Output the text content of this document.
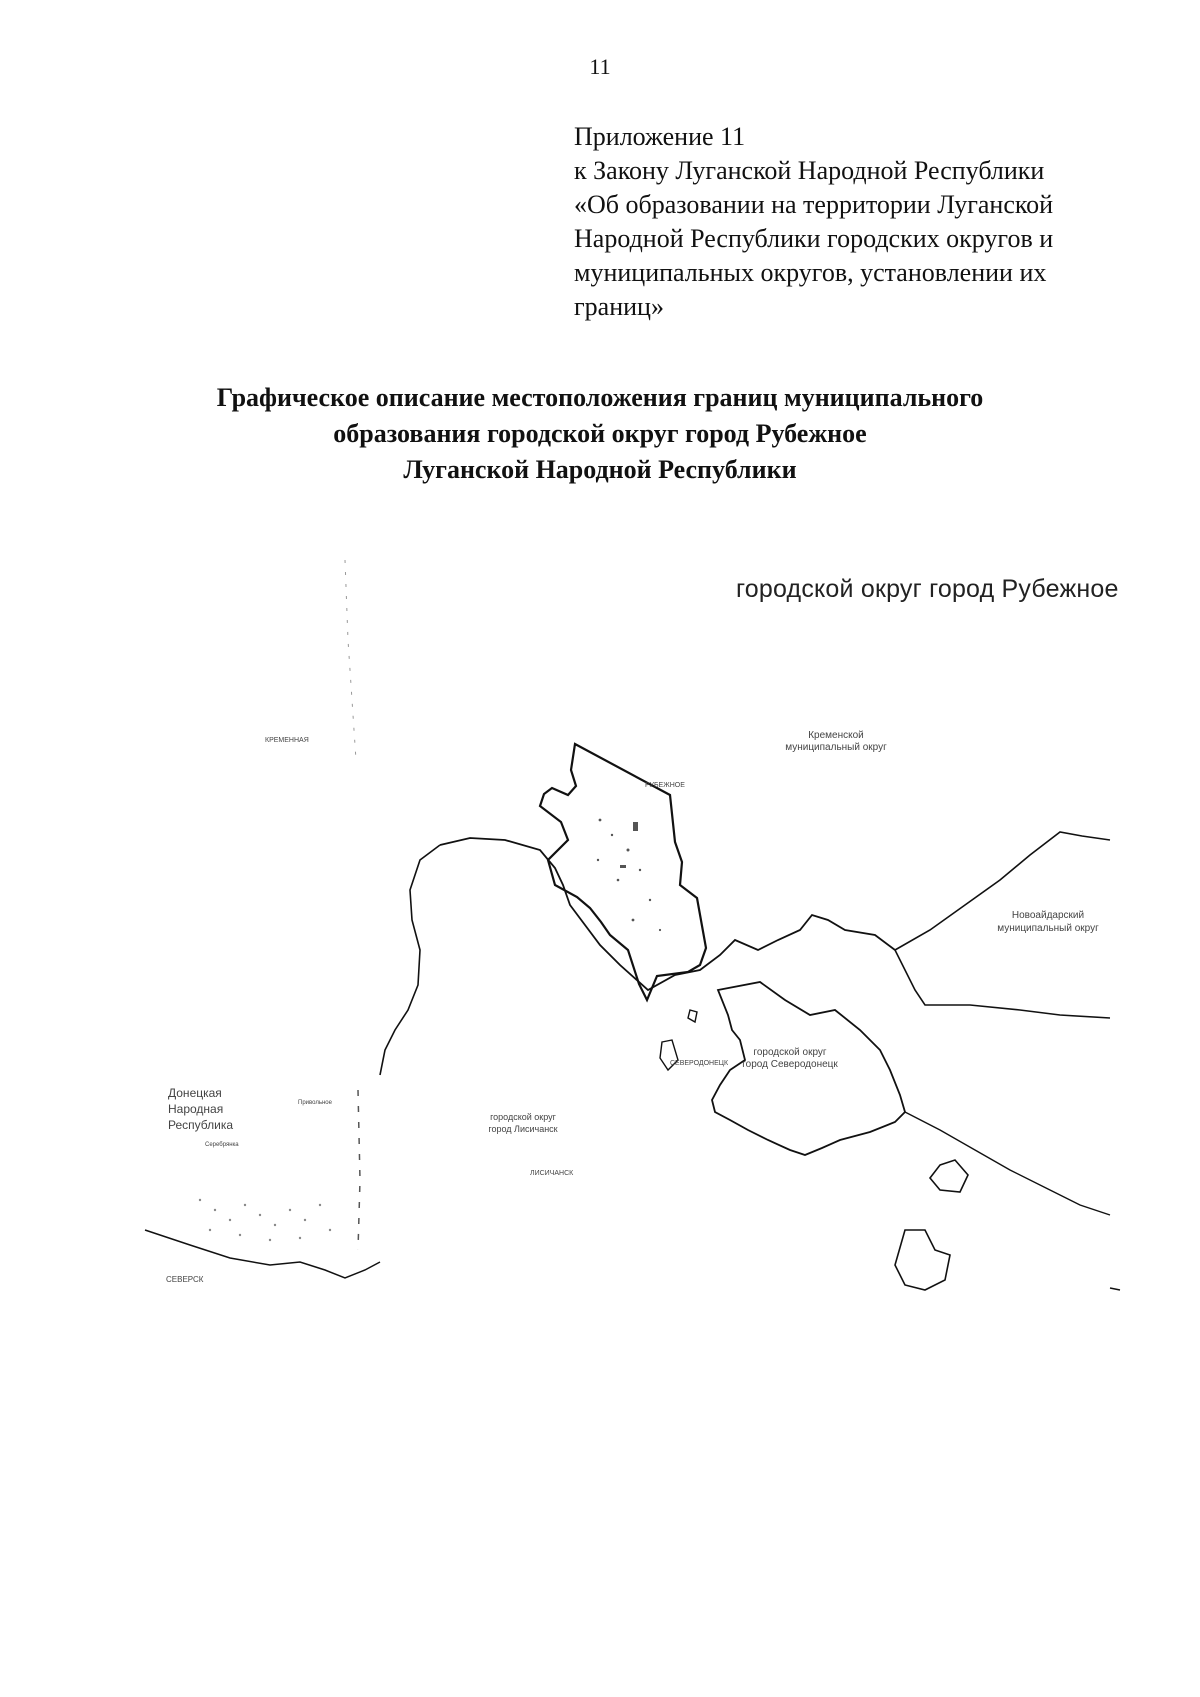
11
Приложение 11
к Закону Луганской Народной Республики
«Об образовании на территории Луганской
Народной Республики городских округов и
муниципальных округов, установлении их
границ»
Графическое описание местоположения границ муниципального
образования городской округ город Рубежное
Луганской Народной Республики
городской округ город Рубежное
Кременской
муниципальный округ
Новоайдарский
муниципальный округ
городской округ
город Северодонецк
городской округ
город Лисичанск
Донецкая
Народная
Республика
СЕВЕРСК
РУБЕЖНОЕ
СЕВЕРОДОНЕЦК
ЛИСИЧАНСК
КРЕМЕННАЯ
Серебрянка
Привольное
